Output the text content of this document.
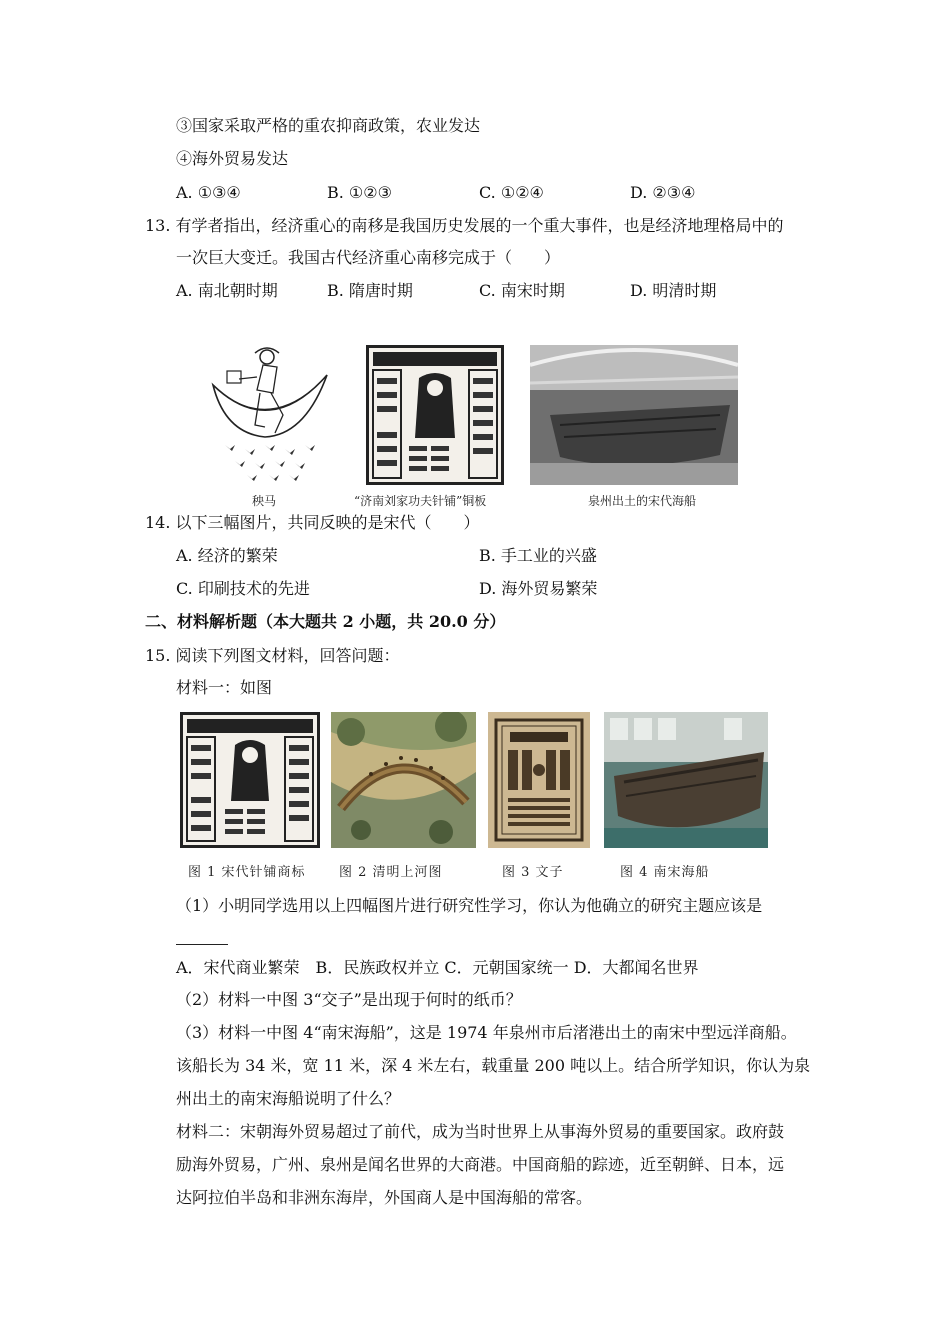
③国家采取严格的重农抑商政策，农业发达
④海外贸易发达
A. ①③④	B. ①②③	C. ①②④	D. ②③④
13. 有学者指出，经济重心的南移是我国历史发展的一个重大事件，也是经济地理格局中的
一次巨大变迁。我国古代经济重心南移完成于（　　）
A. 南北朝时期	B. 隋唐时期	C. 南宋时期	D. 明清时期
秧马	“济南刘家功夫针铺”铜板	泉州出土的宋代海船
14. 以下三幅图片，共同反映的是宋代（　　）
A. 经济的繁荣	B. 手工业的兴盛
C. 印刷技术的先进	D. 海外贸易繁荣
二、材料解析题（本大题共 2 小题，共 20.0 分）
15. 阅读下列图文材料，回答问题：
材料一：如图
图 1 宋代针铺商标	图 2 清明上河图	图 3 文子	图 4 南宋海船
（1）小明同学选用以上四幅图片进行研究性学习，你认为他确立的研究主题应该是
A．宋代商业繁荣　B．民族政权并立 C．元朝国家统一 D．大都闻名世界
（2）材料一中图 3“交子”是出现于何时的纸币？
（3）材料一中图 4“南宋海船”，这是 1974 年泉州市后渚港出土的南宋中型远洋商船。
该船长为 34 米，宽 11 米，深 4 米左右，载重量 200 吨以上。结合所学知识，你认为泉
州出土的南宋海船说明了什么？
材料二：宋朝海外贸易超过了前代，成为当时世界上从事海外贸易的重要国家。政府鼓
励海外贸易，广州、泉州是闻名世界的大商港。中国商船的踪迹，近至朝鲜、日本，远
达阿拉伯半岛和非洲东海岸，外国商人是中国海船的常客。
